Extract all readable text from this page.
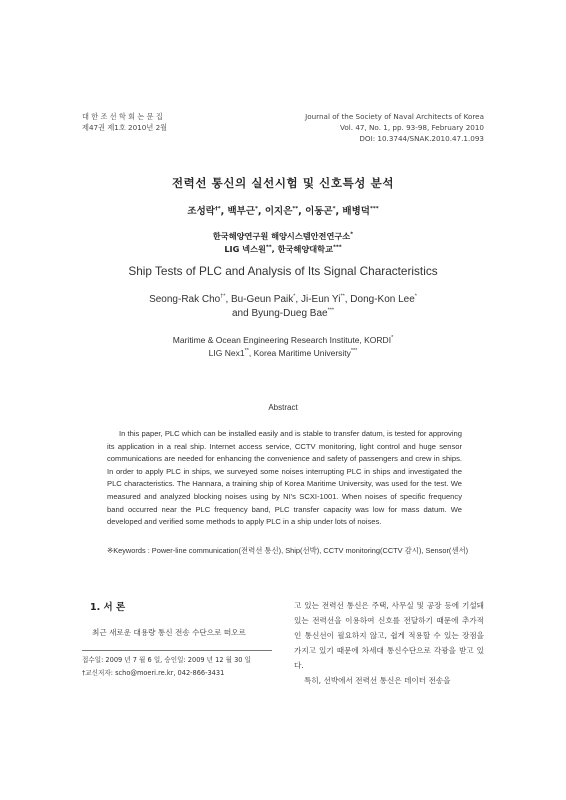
대 한 조 선 학 회 논 문 집
제47권 제1호 2010년 2월
Journal of the Society of Naval Architects of Korea
Vol. 47, No. 1, pp. 93-98, February 2010
DOI: 10.3744/SNAK.2010.47.1.093
전력선 통신의 실선시험 및 신호특성 분석
조성락†*, 백부근*, 이지은**, 이동곤*, 배병덕***
한국해양연구원 해양시스템안전연구소*
LIG 넥스원**, 한국해양대학교***
Ship Tests of PLC and Analysis of Its Signal Characteristics
Seong-Rak Cho†*, Bu-Geun Paik*, Ji-Eun Yi**, Dong-Kon Lee*
and Byung-Dueg Bae***
Maritime & Ocean Engineering Research Institute, KORDI*
LIG Nex1**, Korea Maritime University***
Abstract

In this paper, PLC which can be installed easily and is stable to transfer datum, is tested for approving its application in a real ship. Internet access service, CCTV monitoring, light control and huge sensor communications are needed for enhancing the convenience and safety of passengers and crew in ships. In order to apply PLC in ships, we surveyed some noises interrupting PLC in ships and investigated the PLC characteristics. The Hannara, a training ship of Korea Maritime University, was used for the test. We measured and analyzed blocking noises using by NI's SCXI-1001. When noises of specific frequency band occurred near the PLC frequency band, PLC transfer capacity was low for mass datum. We developed and verified some methods to apply PLC in a ship under lots of noises.

※Keywords : Power-line communication(전력선 통신), Ship(선박), CCTV monitoring(CCTV 감시), Sensor(센서)

1. 서 론

최근 새로운 대용량 통신 전송 수단으로 떠오르

접수일: 2009 년 7 월 6 일, 승인일: 2009 년 12 월 30 일

†교신저자: scho@moeri.re.kr, 042-866-3431

고 있는 전력선 통신은 주택, 사무실 및 공장 등에 기설돼 있는 전력선을 이용하여 신호를 전달하기 때문에 추가적인 통신선이 필요하지 않고, 쉽게 적용할 수 있는 장점을 가지고 있기 때문에 차세대 통신수단으로 각광을 받고 있다.

특히, 선박에서 전력선 통신은 데이터 전송을
